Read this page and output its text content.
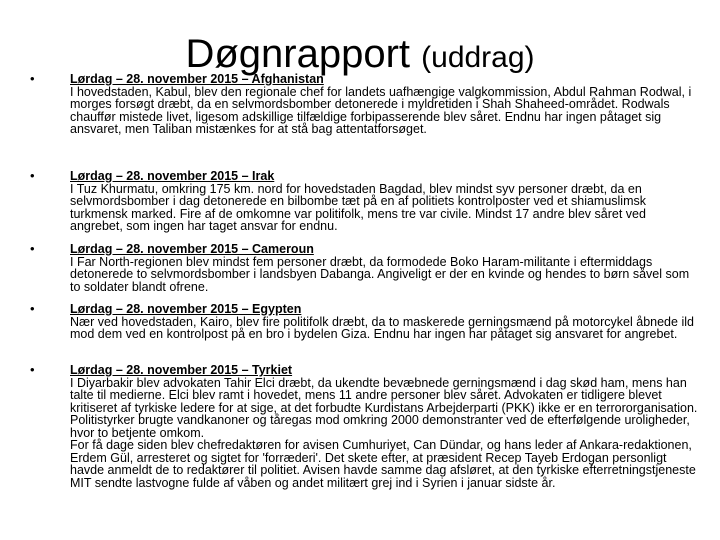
Døgnrapport (uddrag)
•	Lørdag – 28. november 2015 – Afghanistan

I hovedstaden, Kabul, blev den regionale chef for landets uafhængige valgkommission, Abdul Rahman Rodwal, i morges forsøgt dræbt, da en selvmordsbomber detonerede i myldretiden i Shah Shaheed-området. Rodwals chauffør mistede livet, ligesom adskillige tilfældige forbipasserende blev såret. Endnu har ingen påtaget sig ansvaret, men Taliban mistænkes for at stå bag attentatforsøget.

•	Lørdag – 28. november 2015 – Irak

I Tuz Khurmatu, omkring 175 km. nord for hovedstaden Bagdad, blev mindst syv personer dræbt, da en selvmordsbomber i dag detonerede en bilbombe tæt på en af politiets kontrolposter ved et shiamuslimsk turkmensk marked. Fire af de omkomne var politifolk, mens tre var civile. Mindst 17 andre blev såret ved angrebet, som ingen har taget ansvar for endnu.

•	Lørdag – 28. november 2015 – Cameroun

I Far North-regionen blev mindst fem personer dræbt, da formodede Boko Haram-militante i eftermiddags detonerede to selvmordsbomber i landsbyen Dabanga. Angiveligt er der en kvinde og hendes to børn såvel som to soldater blandt ofrene.

•	Lørdag – 28. november 2015 – Egypten

Nær ved hovedstaden, Kairo, blev fire politifolk dræbt, da to maskerede gerningsmænd på motorcykel åbnede ild mod dem ved en kontrolpost på en bro i bydelen Giza. Endnu har ingen har påtaget sig ansvaret for angrebet.

•	Lørdag – 28. november 2015 – Tyrkiet

I Diyarbakir blev advokaten Tahir Elci dræbt, da ukendte bevæbnede gerningsmænd i dag skød ham, mens han talte til medierne. Elci blev ramt i hovedet, mens 11 andre personer blev såret. Advokaten er tidligere blevet kritiseret af tyrkiske ledere for at sige, at det forbudte Kurdistans Arbejderparti (PKK) ikke er en terrororganisation. Politistyrker brugte vandkanoner og tåregas mod omkring 2000 demonstranter ved de efterfølgende uroligheder, hvor to betjente omkom.

For få dage siden blev chefredaktøren for avisen Cumhuriyet, Can Dündar, og hans leder af Ankara-redaktionen, Erdem Gül, arresteret og sigtet for 'forræderi'. Det skete efter, at præsident Recep Tayeb Erdogan personligt havde anmeldt de to redaktører til politiet. Avisen havde samme dag afsløret, at den tyrkiske efterretningstjeneste MIT sendte lastvogne fulde af våben og andet militært grej ind i Syrien i januar sidste år.
